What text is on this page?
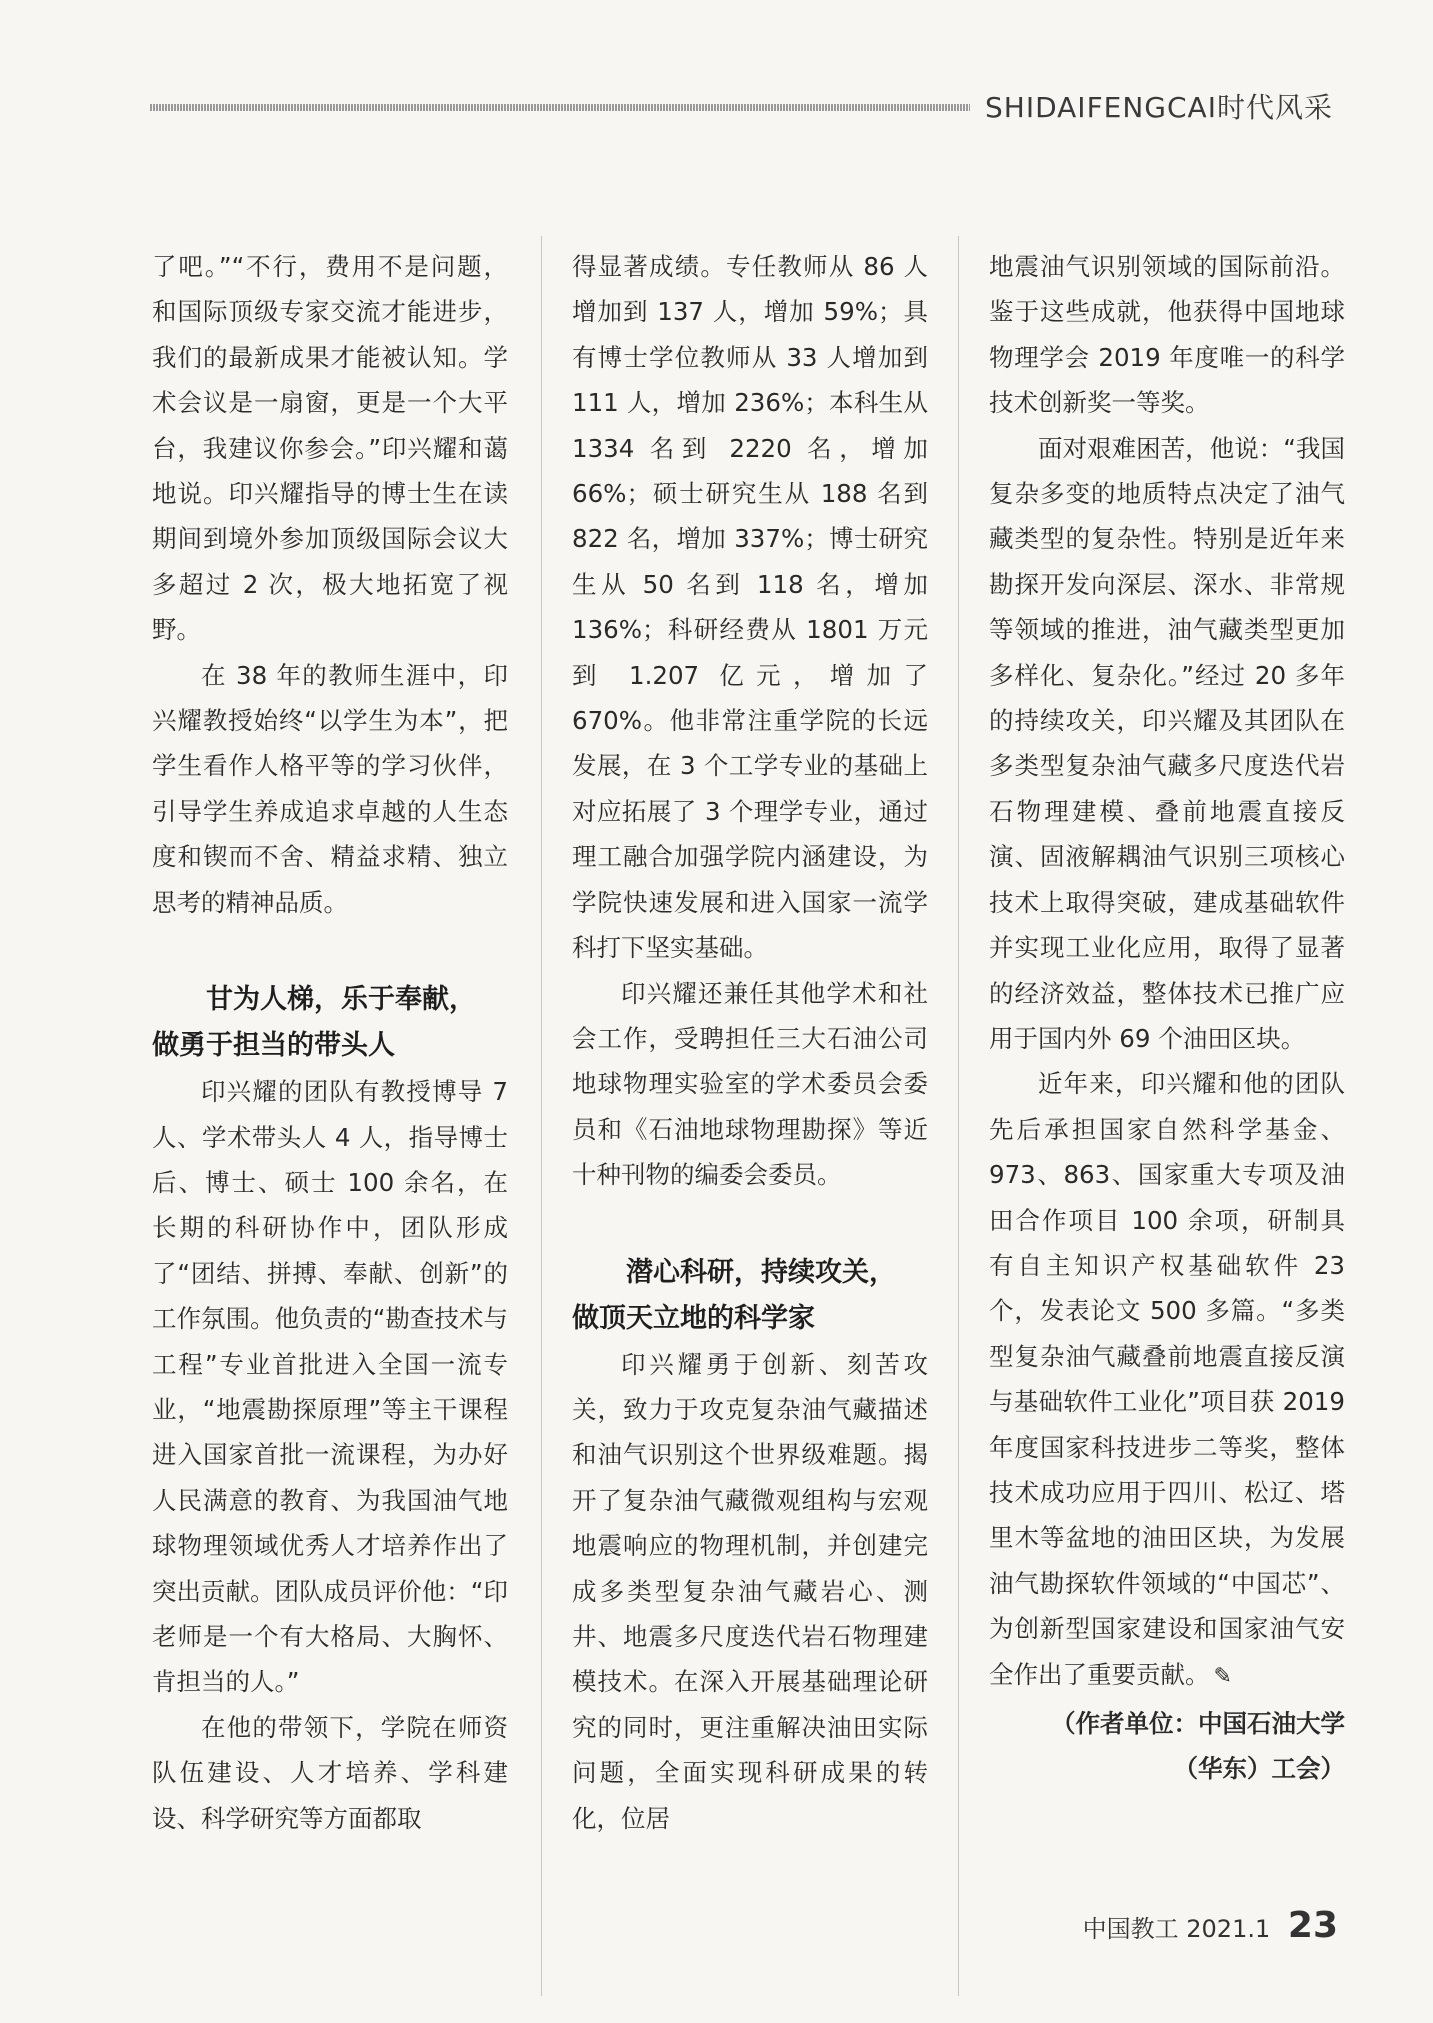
SHIDAIFENGCAI时代风采

了吧。”“不行，费用不是问题，和国际顶级专家交流才能进步，我们的最新成果才能被认知。学术会议是一扇窗，更是一个大平台，我建议你参会。”印兴耀和蔼地说。印兴耀指导的博士生在读期间到境外参加顶级国际会议大多超过 2 次，极大地拓宽了视野。

在 38 年的教师生涯中，印兴耀教授始终“以学生为本”，把学生看作人格平等的学习伙伴，引导学生养成追求卓越的人生态度和锲而不舍、精益求精、独立思考的精神品质。

甘为人梯，乐于奉献，
做勇于担当的带头人

印兴耀的团队有教授博导 7 人、学术带头人 4 人，指导博士后、博士、硕士 100 余名，在长期的科研协作中，团队形成了“团结、拼搏、奉献、创新”的工作氛围。他负责的“勘查技术与工程”专业首批进入全国一流专业，“地震勘探原理”等主干课程进入国家首批一流课程，为办好人民满意的教育、为我国油气地球物理领域优秀人才培养作出了突出贡献。团队成员评价他：“印老师是一个有大格局、大胸怀、肯担当的人。”

在他的带领下，学院在师资队伍建设、人才培养、学科建设、科学研究等方面都取

得显著成绩。专任教师从 86 人增加到 137 人，增加 59%；具有博士学位教师从 33 人增加到 111 人，增加 236%；本科生从 1334 名到 2220 名，增加 66%；硕士研究生从 188 名到 822 名，增加 337%；博士研究生从 50 名到 118 名，增加 136%；科研经费从 1801 万元到 1.207 亿元，增加了 670%。他非常注重学院的长远发展，在 3 个工学专业的基础上对应拓展了 3 个理学专业，通过理工融合加强学院内涵建设，为学院快速发展和进入国家一流学科打下坚实基础。

印兴耀还兼任其他学术和社会工作，受聘担任三大石油公司地球物理实验室的学术委员会委员和《石油地球物理勘探》等近十种刊物的编委会委员。

潜心科研，持续攻关，
做顶天立地的科学家

印兴耀勇于创新、刻苦攻关，致力于攻克复杂油气藏描述和油气识别这个世界级难题。揭开了复杂油气藏微观组构与宏观地震响应的物理机制，并创建完成多类型复杂油气藏岩心、测井、地震多尺度迭代岩石物理建模技术。在深入开展基础理论研究的同时，更注重解决油田实际问题，全面实现科研成果的转化，位居

地震油气识别领域的国际前沿。鉴于这些成就，他获得中国地球物理学会 2019 年度唯一的科学技术创新奖一等奖。

面对艰难困苦，他说：“我国复杂多变的地质特点决定了油气藏类型的复杂性。特别是近年来勘探开发向深层、深水、非常规等领域的推进，油气藏类型更加多样化、复杂化。”经过 20 多年的持续攻关，印兴耀及其团队在多类型复杂油气藏多尺度迭代岩石物理建模、叠前地震直接反演、固液解耦油气识别三项核心技术上取得突破，建成基础软件并实现工业化应用，取得了显著的经济效益，整体技术已推广应用于国内外 69 个油田区块。

近年来，印兴耀和他的团队先后承担国家自然科学基金、973、863、国家重大专项及油田合作项目 100 余项，研制具有自主知识产权基础软件 23 个，发表论文 500 多篇。“多类型复杂油气藏叠前地震直接反演与基础软件工业化”项目获 2019 年度国家科技进步二等奖，整体技术成功应用于四川、松辽、塔里木等盆地的油田区块，为发展油气勘探软件领域的“中国芯”、为创新型国家建设和国家油气安全作出了重要贡献。 ✎

（作者单位：中国石油大学
（华东）工会）
中国教工 2021.1 23
